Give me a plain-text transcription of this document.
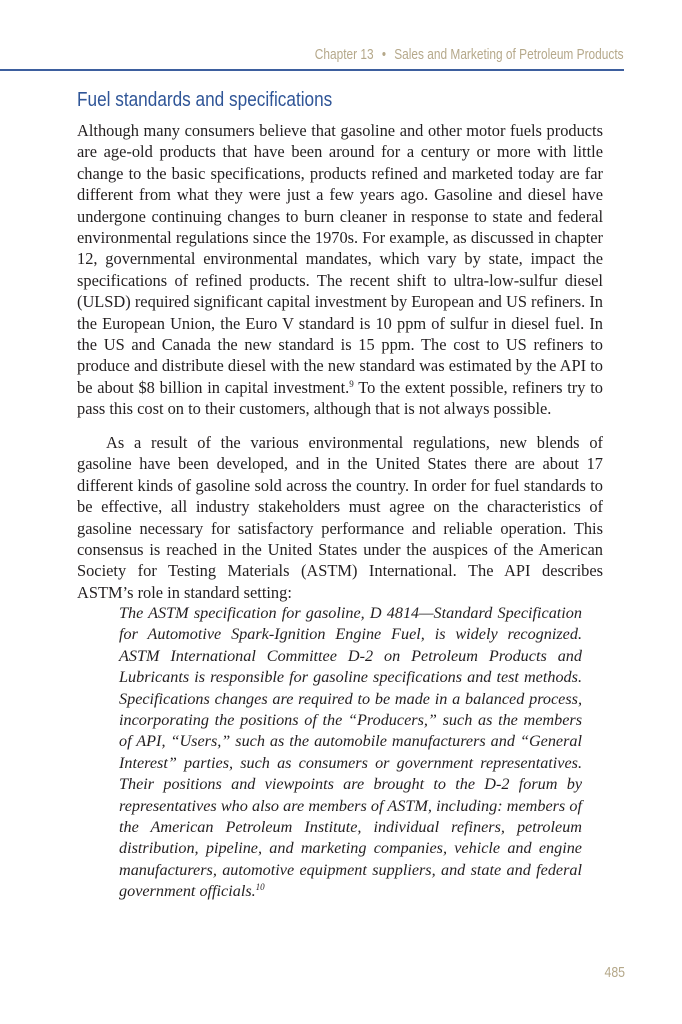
Chapter 13 • Sales and Marketing of Petroleum Products
Fuel standards and specifications

Although many consumers believe that gasoline and other motor fuels products are age-old products that have been around for a century or more with little change to the basic specifications, products refined and marketed today are far different from what they were just a few years ago. Gasoline and diesel have undergone continuing changes to burn cleaner in response to state and federal environmental regulations since the 1970s. For example, as discussed in chapter 12, governmental environmental mandates, which vary by state, impact the specifications of refined products. The recent shift to ultra-low-sulfur diesel (ULSD) required significant capital investment by European and US refiners. In the European Union, the Euro V standard is 10 ppm of sulfur in diesel fuel. In the US and Canada the new standard is 15 ppm. The cost to US refiners to produce and distribute diesel with the new standard was estimated by the API to be about $8 billion in capital investment.$^9$ To the extent possible, refiners try to pass this cost on to their customers, although that is not always possible.

As a result of the various environmental regulations, new blends of gasoline have been developed, and in the United States there are about 17 different kinds of gasoline sold across the country. In order for fuel standards to be effective, all industry stakeholders must agree on the characteristics of gasoline necessary for satisfactory performance and reliable operation. This consensus is reached in the United States under the auspices of the American Society for Testing Materials (ASTM) International. The API describes ASTM’s role in standard setting:

The ASTM specification for gasoline, D 4814—Standard Specification for Automotive Spark-Ignition Engine Fuel, is widely recognized. ASTM International Committee D-2 on Petroleum Products and Lubricants is responsible for gasoline specifications and test methods. Specifications changes are required to be made in a balanced process, incorporating the positions of the “Producers,” such as the members of API, “Users,” such as the automobile manufacturers and “General Interest” parties, such as consumers or government representatives. Their positions and viewpoints are brought to the D-2 forum by representatives who also are members of ASTM, including: members of the American Petroleum Institute, individual refiners, petroleum distribution, pipeline, and marketing companies, vehicle and engine manufacturers, automotive equipment suppliers, and state and federal government officials.$^{10}$
485
